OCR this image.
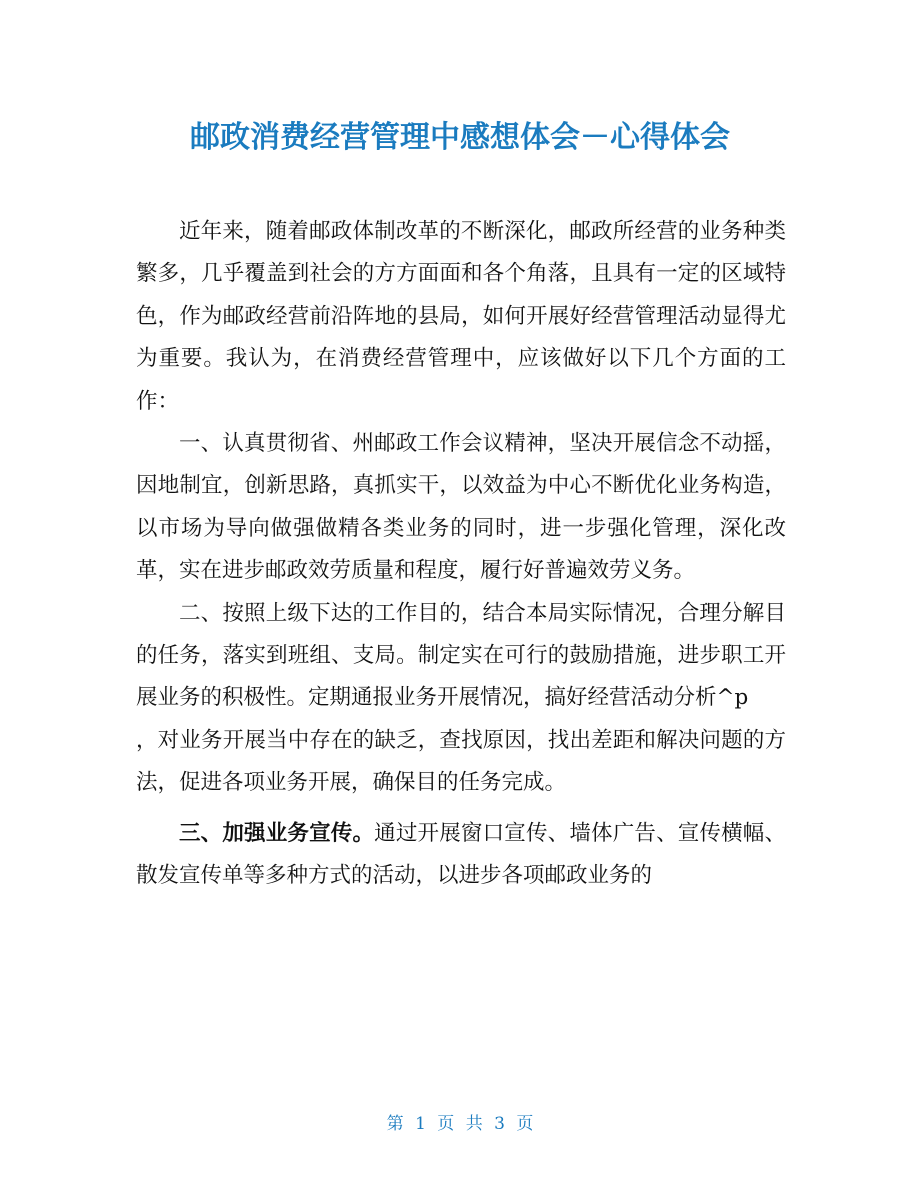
邮政消费经营管理中感想体会－心得体会

近年来，随着邮政体制改革的不断深化，邮政所经营的业务种类繁多，几乎覆盖到社会的方方面面和各个角落，且具有一定的区域特色，作为邮政经营前沿阵地的县局，如何开展好经营管理活动显得尤为重要。我认为，在消费经营管理中，应该做好以下几个方面的工作：

一、认真贯彻省、州邮政工作会议精神，坚决开展信念不动摇，因地制宜，创新思路，真抓实干，以效益为中心不断优化业务构造，以市场为导向做强做精各类业务的同时，进一步强化管理，深化改革，实在进步邮政效劳质量和程度，履行好普遍效劳义务。

二、按照上级下达的工作目的，结合本局实际情况，合理分解目的任务，落实到班组、支局。制定实在可行的鼓励措施，进步职工开展业务的积极性。定期通报业务开展情况，搞好经营活动分析^p

，对业务开展当中存在的缺乏，查找原因，找出差距和解决问题的方法，促进各项业务开展，确保目的任务完成。

三、加强业务宣传。通过开展窗口宣传、墙体广告、宣传横幅、散发宣传单等多种方式的活动，以进步各项邮政业务的

第 1 页 共 3 页
